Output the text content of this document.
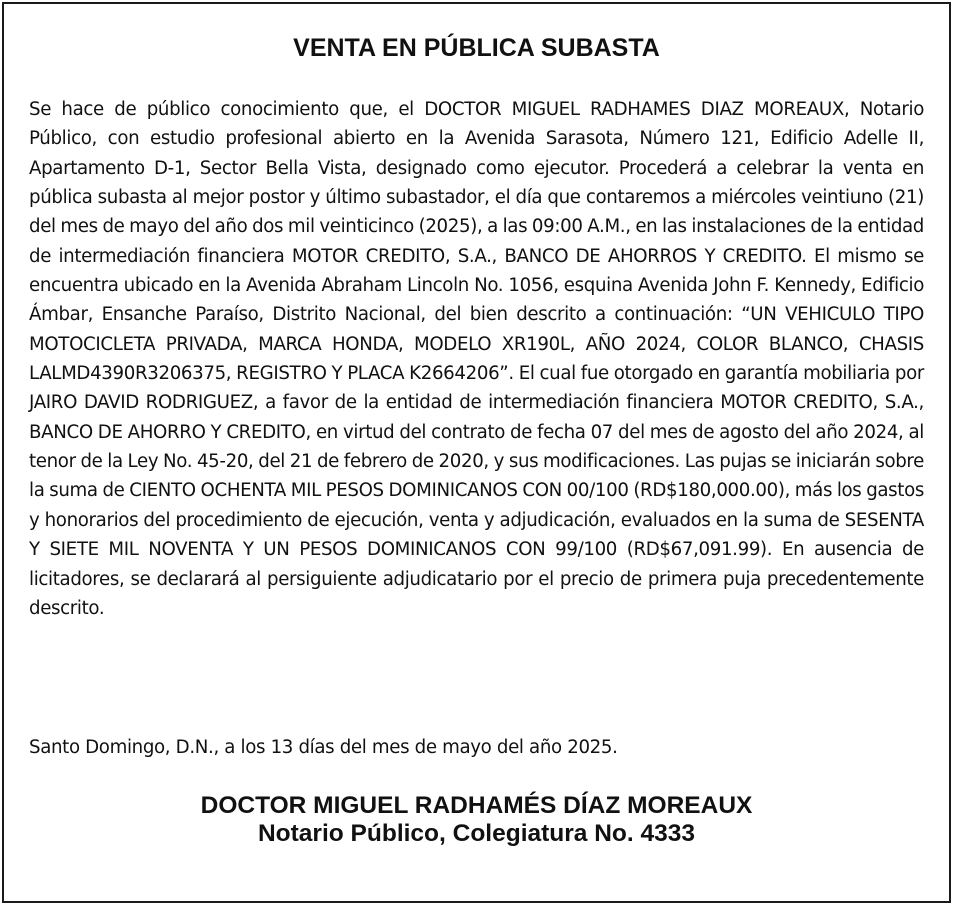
VENTA EN PÚBLICA SUBASTA

Se hace de público conocimiento que, el DOCTOR MIGUEL RADHAMES DIAZ MOREAUX, Notario Público, con estudio profesional abierto en la Avenida Sarasota, Número 121, Edificio Adelle II, Apartamento D-1, Sector Bella Vista, designado como ejecutor. Procederá a celebrar la venta en pública subasta al mejor postor y último subastador, el día que contaremos a miércoles veintiuno (21) del mes de mayo del año dos mil veinticinco (2025), a las 09:00 A.M., en las instalaciones de la entidad de intermediación financiera MOTOR CREDITO, S.A., BANCO DE AHORROS Y CREDITO. El mismo se encuentra ubicado en la Avenida Abraham Lincoln No. 1056, esquina Avenida John F. Kennedy, Edificio Ámbar, Ensanche Paraíso, Distrito Nacional, del bien descrito a continuación: “UN VEHICULO TIPO MOTOCICLETA PRIVADA, MARCA HONDA, MODELO XR190L, AÑO 2024, COLOR BLANCO, CHASIS LALMD4390R3206375, REGISTRO Y PLACA K2664206”. El cual fue otorgado en garantía mobiliaria por JAIRO DAVID RODRIGUEZ, a favor de la entidad de intermediación financiera MOTOR CREDITO, S.A., BANCO DE AHORRO Y CREDITO, en virtud del contrato de fecha 07 del mes de agosto del año 2024, al tenor de la Ley No. 45-20, del 21 de febrero de 2020, y sus modificaciones. Las pujas se iniciarán sobre la suma de CIENTO OCHENTA MIL PESOS DOMINICANOS CON 00/100 (RD$180,000.00), más los gastos y honorarios del procedimiento de ejecución, venta y adjudicación, evaluados en la suma de SESENTA Y SIETE MIL NOVENTA Y UN PESOS DOMINICANOS CON 99/100 (RD$67,091.99). En ausencia de licitadores, se declarará al persiguiente adjudicatario por el precio de primera puja precedentemente descrito.

Santo Domingo, D.N., a los 13 días del mes de mayo del año 2025.

DOCTOR MIGUEL RADHAMÉS DÍAZ MOREAUX
Notario Público, Colegiatura No. 4333
